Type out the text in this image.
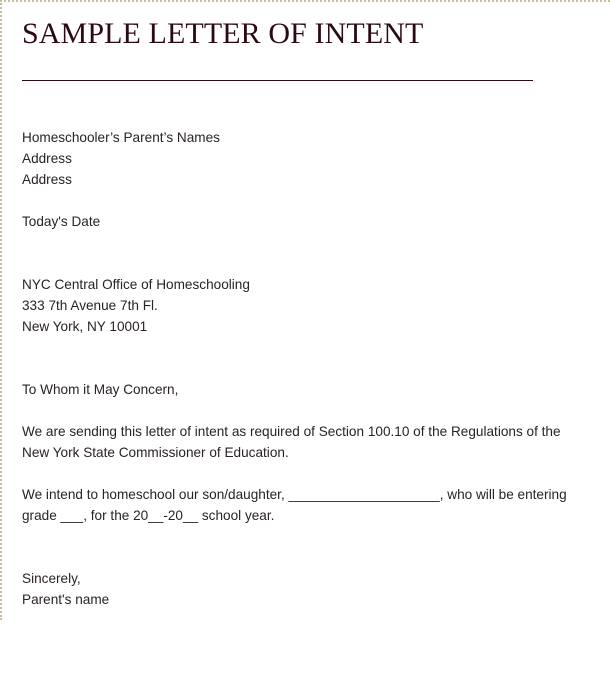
SAMPLE LETTER OF INTENT
Homeschooler’s Parent’s Names
Address
Address
Today's Date
NYC Central Office of Homeschooling
333 7th Avenue 7th Fl.
New York, NY 10001
To Whom it May Concern,
We are sending this letter of intent as required of Section 100.10 of the Regulations of the
New York State Commissioner of Education.
We intend to homeschool our son/daughter, ____________________, who will be entering
grade ___, for the 20__-20__ school year.
Sincerely,
Parent's name
